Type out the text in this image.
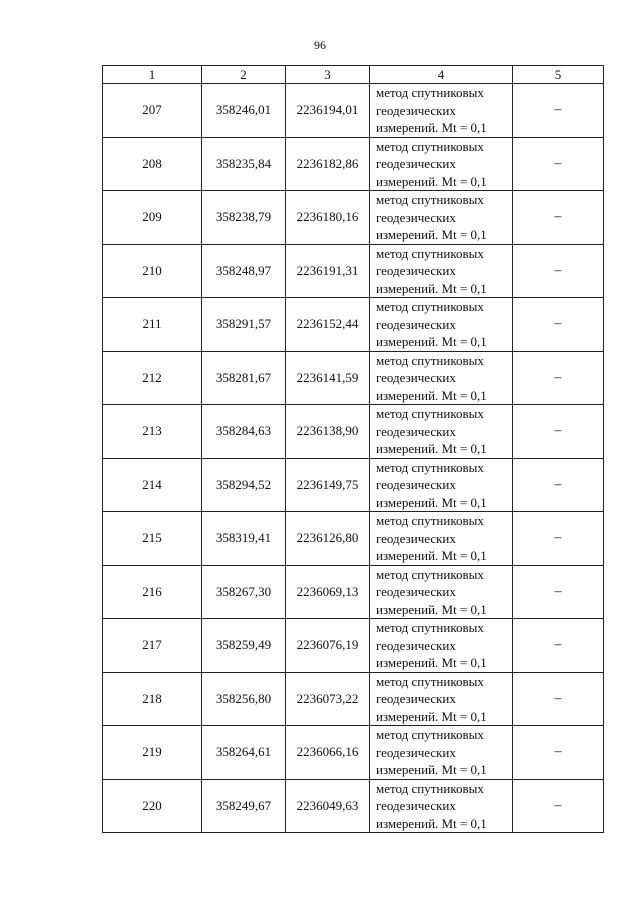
96
1	2	3	4	5
207	358246,01	2236194,01	метод спутниковых
геодезических
измерений. Mt = 0,1	–
208	358235,84	2236182,86	метод спутниковых
геодезических
измерений. Mt = 0,1	–
209	358238,79	2236180,16	метод спутниковых
геодезических
измерений. Mt = 0,1	–
210	358248,97	2236191,31	метод спутниковых
геодезических
измерений. Mt = 0,1	–
211	358291,57	2236152,44	метод спутниковых
геодезических
измерений. Mt = 0,1	–
212	358281,67	2236141,59	метод спутниковых
геодезических
измерений. Mt = 0,1	–
213	358284,63	2236138,90	метод спутниковых
геодезических
измерений. Mt = 0,1	–
214	358294,52	2236149,75	метод спутниковых
геодезических
измерений. Mt = 0,1	–
215	358319,41	2236126,80	метод спутниковых
геодезических
измерений. Mt = 0,1	–
216	358267,30	2236069,13	метод спутниковых
геодезических
измерений. Mt = 0,1	–
217	358259,49	2236076,19	метод спутниковых
геодезических
измерений. Mt = 0,1	–
218	358256,80	2236073,22	метод спутниковых
геодезических
измерений. Mt = 0,1	–
219	358264,61	2236066,16	метод спутниковых
геодезических
измерений. Mt = 0,1	–
220	358249,67	2236049,63	метод спутниковых
геодезических
измерений. Mt = 0,1	–
